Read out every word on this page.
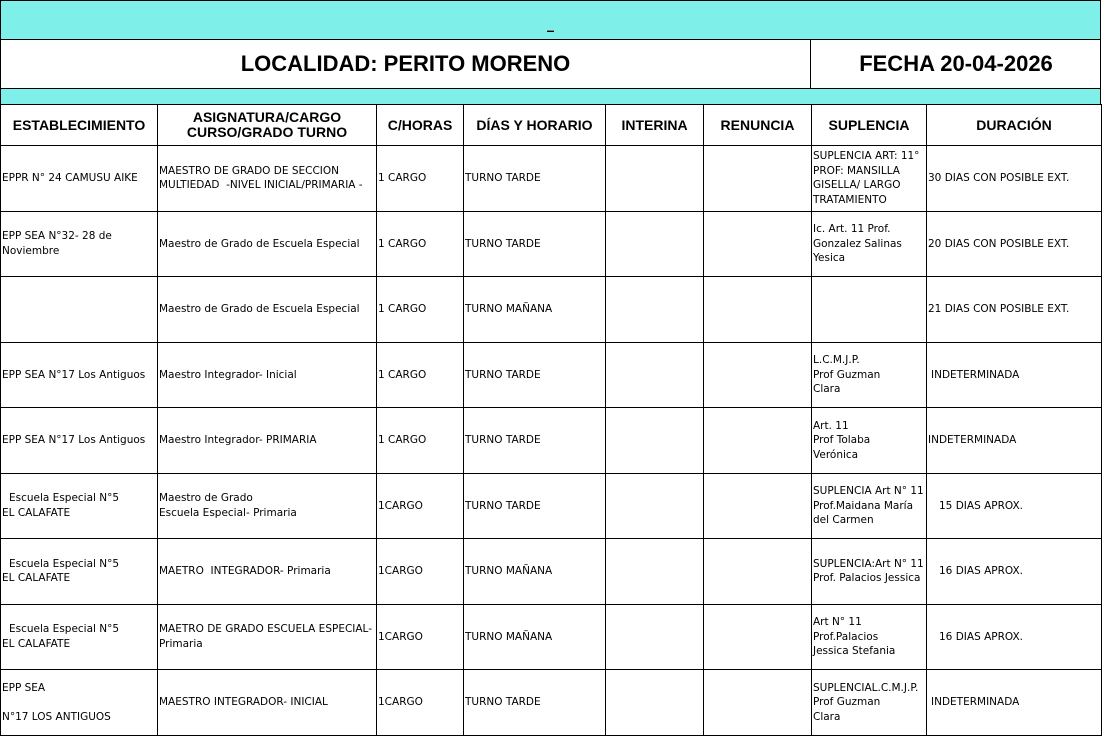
–
LOCALIDAD: PERITO MORENO	FECHA 20-04-2026
ESTABLECIMIENTO	ASIGNATURA/CARGO
CURSO/GRADO TURNO	C/HORAS	DÍAS Y HORARIO	INTERINA	RENUNCIA	SUPLENCIA	DURACIÓN

EPPR N° 24 CAMUSU AIKE	MAESTRO DE GRADO DE SECCION
MULTIEDAD  -NIVEL INICIAL/PRIMARIA -	1 CARGO	TURNO TARDE			SUPLENCIA ART: 11°
PROF: MANSILLA
GISELLA/ LARGO
TRATAMIENTO	30 DIAS CON POSIBLE EXT.

EPP SEA N°32- 28 de
Noviembre	Maestro de Grado de Escuela Especial	1 CARGO	TURNO TARDE			Ic. Art. 11 Prof.
Gonzalez Salinas
Yesica	20 DIAS CON POSIBLE EXT.

	Maestro de Grado de Escuela Especial	1 CARGO	TURNO MAÑANA				21 DIAS CON POSIBLE EXT.

EPP SEA N°17 Los Antiguos	Maestro Integrador- Inicial	1 CARGO	TURNO TARDE			L.C.M.J.P.
Prof Guzman
Clara	INDETERMINADA

EPP SEA N°17 Los Antiguos	Maestro Integrador- PRIMARIA	1 CARGO	TURNO TARDE			Art. 11
Prof Tolaba
Verónica	INDETERMINADA

Escuela Especial N°5
EL CALAFATE	Maestro de Grado
Escuela Especial- Primaria	1CARGO	TURNO TARDE			SUPLENCIA Art N° 11
Prof.Maidana María
del Carmen	15 DIAS APROX.

Escuela Especial N°5
EL CALAFATE	MAETRO  INTEGRADOR- Primaria	1CARGO	TURNO MAÑANA			SUPLENCIA:Art N° 11
Prof. Palacios Jessica	16 DIAS APROX.

Escuela Especial N°5
EL CALAFATE	MAETRO DE GRADO ESCUELA ESPECIAL-
Primaria	1CARGO	TURNO MAÑANA			Art N° 11
Prof.Palacios
Jessica Stefania	16 DIAS APROX.

EPP SEA
N°17 LOS ANTIGUOS	MAESTRO INTEGRADOR- INICIAL	1CARGO	TURNO TARDE			SUPLENCIAL.C.M.J.P.
Prof Guzman
Clara	INDETERMINADA
